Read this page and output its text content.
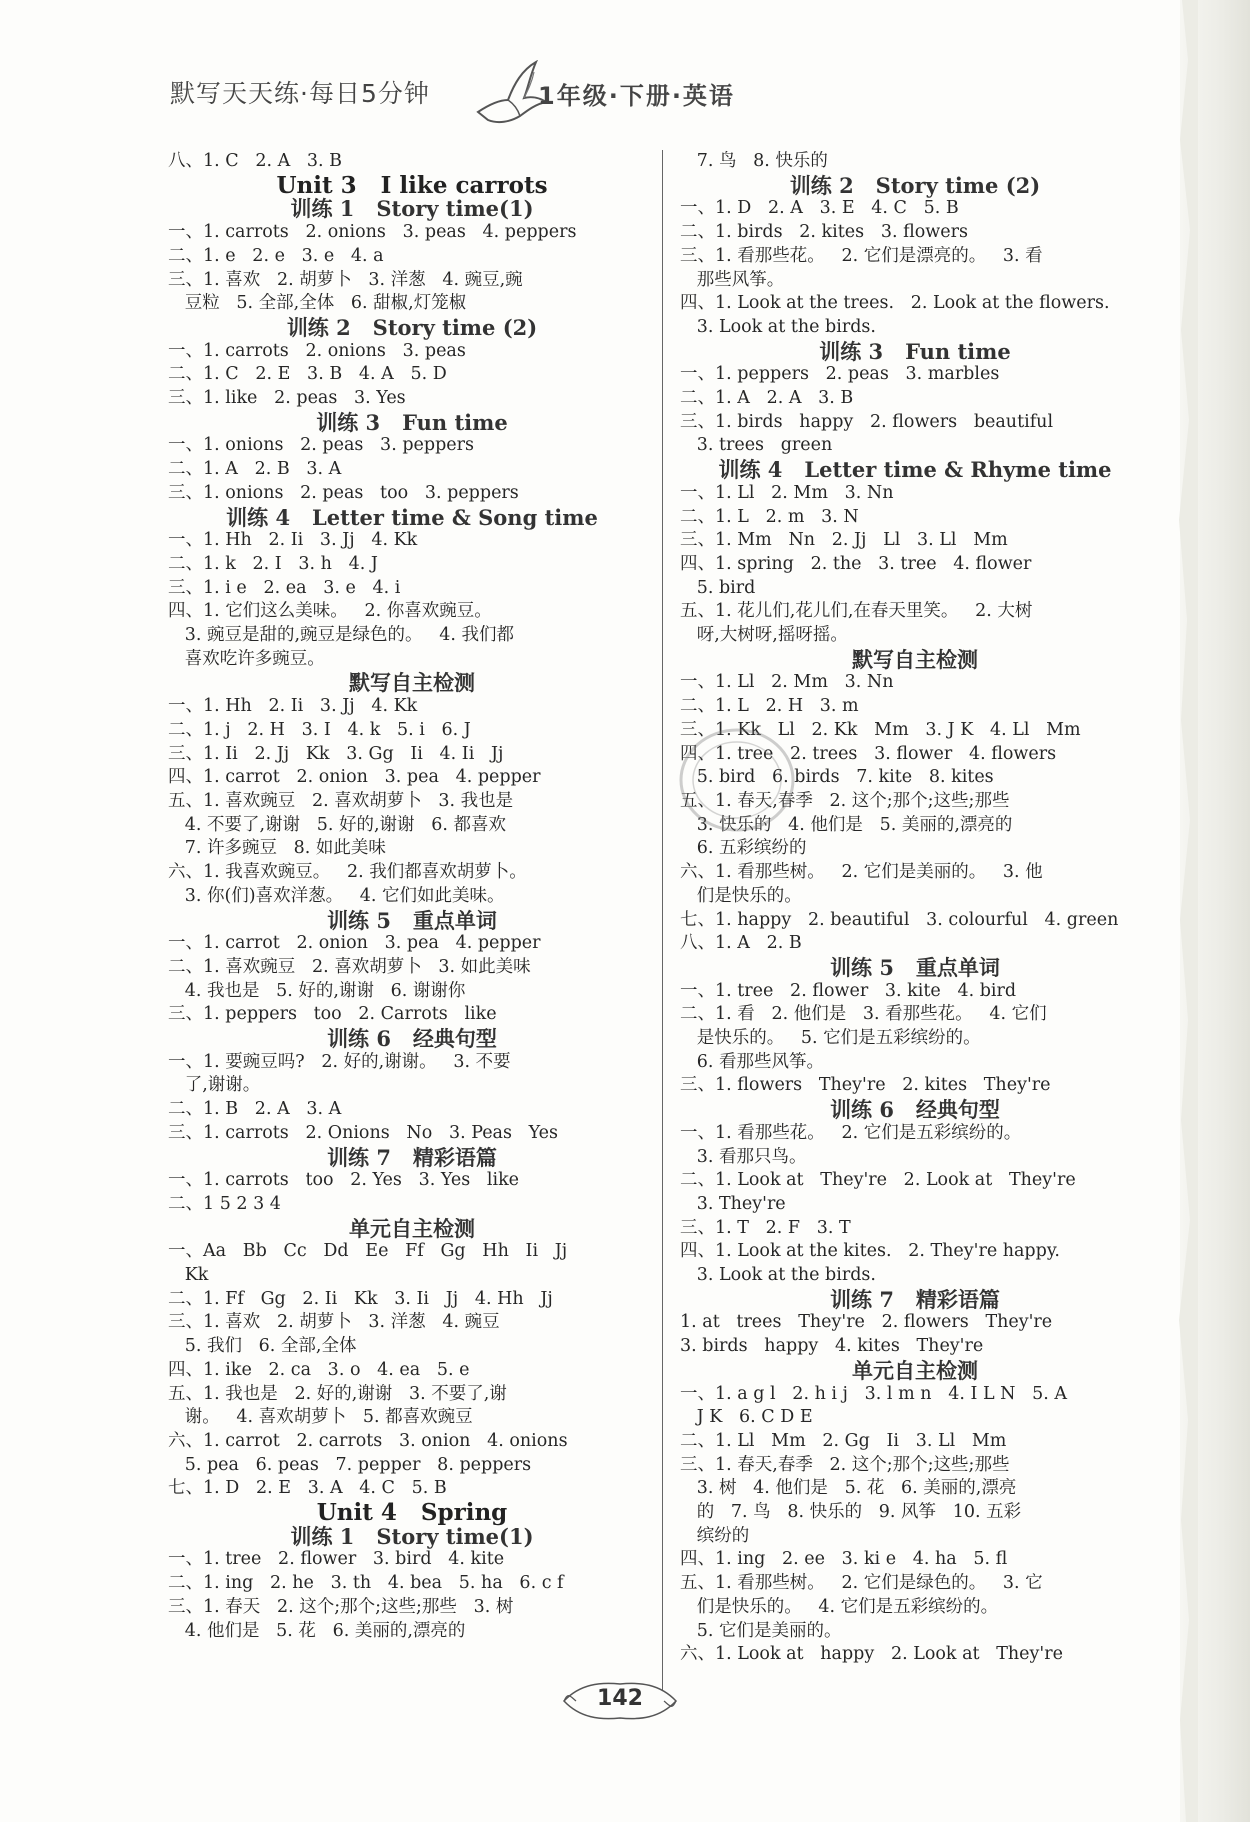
默写天天练·每日5分钟	1年级·下册·英语
八、1. C   2. A   3. B
Unit 3   I like carrots
训练 1   Story time(1)
一、1. carrots   2. onions   3. peas   4. peppers
二、1. e   2. e   3. e   4. a
三、1. 喜欢   2. 胡萝卜   3. 洋葱   4. 豌豆,豌
豆粒   5. 全部,全体   6. 甜椒,灯笼椒
训练 2   Story time (2)
一、1. carrots   2. onions   3. peas
二、1. C   2. E   3. B   4. A   5. D
三、1. like   2. peas   3. Yes
训练 3   Fun time
一、1. onions   2. peas   3. peppers
二、1. A   2. B   3. A
三、1. onions   2. peas   too   3. peppers
训练 4   Letter time & Song time
一、1. Hh   2. Ii   3. Jj   4. Kk
二、1. k   2. I   3. h   4. J
三、1. i e   2. ea   3. e   4. i
四、1. 它们这么美味。   2. 你喜欢豌豆。
3. 豌豆是甜的,豌豆是绿色的。   4. 我们都
喜欢吃许多豌豆。
默写自主检测
一、1. Hh   2. Ii   3. Jj   4. Kk
二、1. j   2. H   3. I   4. k   5. i   6. J
三、1. Ii   2. Jj   Kk   3. Gg   Ii   4. Ii   Jj
四、1. carrot   2. onion   3. pea   4. pepper
五、1. 喜欢豌豆   2. 喜欢胡萝卜   3. 我也是
4. 不要了,谢谢   5. 好的,谢谢   6. 都喜欢
7. 许多豌豆   8. 如此美味
六、1. 我喜欢豌豆。   2. 我们都喜欢胡萝卜。
3. 你(们)喜欢洋葱。   4. 它们如此美味。
训练 5   重点单词
一、1. carrot   2. onion   3. pea   4. pepper
二、1. 喜欢豌豆   2. 喜欢胡萝卜   3. 如此美味
4. 我也是   5. 好的,谢谢   6. 谢谢你
三、1. peppers   too   2. Carrots   like
训练 6   经典句型
一、1. 要豌豆吗?   2. 好的,谢谢。   3. 不要
了,谢谢。
二、1. B   2. A   3. A
三、1. carrots   2. Onions   No   3. Peas   Yes
训练 7   精彩语篇
一、1. carrots   too   2. Yes   3. Yes   like
二、1 5 2 3 4
单元自主检测
一、Aa   Bb   Cc   Dd   Ee   Ff   Gg   Hh   Ii   Jj
Kk
二、1. Ff   Gg   2. Ii   Kk   3. Ii   Jj   4. Hh   Jj
三、1. 喜欢   2. 胡萝卜   3. 洋葱   4. 豌豆
5. 我们   6. 全部,全体
四、1. ike   2. ca   3. o   4. ea   5. e
五、1. 我也是   2. 好的,谢谢   3. 不要了,谢
谢。   4. 喜欢胡萝卜   5. 都喜欢豌豆
六、1. carrot   2. carrots   3. onion   4. onions
5. pea   6. peas   7. pepper   8. peppers
七、1. D   2. E   3. A   4. C   5. B
Unit 4   Spring
训练 1   Story time(1)
一、1. tree   2. flower   3. bird   4. kite
二、1. ing   2. he   3. th   4. bea   5. ha   6. c f
三、1. 春天   2. 这个;那个;这些;那些   3. 树
4. 他们是   5. 花   6. 美丽的,漂亮的
7. 鸟   8. 快乐的
训练 2   Story time (2)
一、1. D   2. A   3. E   4. C   5. B
二、1. birds   2. kites   3. flowers
三、1. 看那些花。   2. 它们是漂亮的。   3. 看
那些风筝。
四、1. Look at the trees.   2. Look at the flowers.
3. Look at the birds.
训练 3   Fun time
一、1. peppers   2. peas   3. marbles
二、1. A   2. A   3. B
三、1. birds   happy   2. flowers   beautiful
3. trees   green
训练 4   Letter time & Rhyme time
一、1. Ll   2. Mm   3. Nn
二、1. L   2. m   3. N
三、1. Mm   Nn   2. Jj   Ll   3. Ll   Mm
四、1. spring   2. the   3. tree   4. flower
5. bird
五、1. 花儿们,花儿们,在春天里笑。   2. 大树
呀,大树呀,摇呀摇。
默写自主检测
一、1. Ll   2. Mm   3. Nn
二、1. L   2. H   3. m
三、1. Kk   Ll   2. Kk   Mm   3. J K   4. Ll   Mm
四、1. tree   2. trees   3. flower   4. flowers
5. bird   6. birds   7. kite   8. kites
五、1. 春天,春季   2. 这个;那个;这些;那些
3. 快乐的   4. 他们是   5. 美丽的,漂亮的
6. 五彩缤纷的
六、1. 看那些树。   2. 它们是美丽的。   3. 他
们是快乐的。
七、1. happy   2. beautiful   3. colourful   4. green
八、1. A   2. B
训练 5   重点单词
一、1. tree   2. flower   3. kite   4. bird
二、1. 看   2. 他们是   3. 看那些花。   4. 它们
是快乐的。   5. 它们是五彩缤纷的。
6. 看那些风筝。
三、1. flowers   They're   2. kites   They're
训练 6   经典句型
一、1. 看那些花。   2. 它们是五彩缤纷的。
3. 看那只鸟。
二、1. Look at   They're   2. Look at   They're
3. They're
三、1. T   2. F   3. T
四、1. Look at the kites.   2. They're happy.
3. Look at the birds.
训练 7   精彩语篇
1. at   trees   They're   2. flowers   They're
3. birds   happy   4. kites   They're
单元自主检测
一、1. a g l   2. h i j   3. l m n   4. I L N   5. A
J K   6. C D E
二、1. Ll   Mm   2. Gg   Ii   3. Ll   Mm
三、1. 春天,春季   2. 这个;那个;这些;那些
3. 树   4. 他们是   5. 花   6. 美丽的,漂亮
的   7. 鸟   8. 快乐的   9. 风筝   10. 五彩
缤纷的
四、1. ing   2. ee   3. ki e   4. ha   5. fl
五、1. 看那些树。   2. 它们是绿色的。   3. 它
们是快乐的。   4. 它们是五彩缤纷的。
5. 它们是美丽的。
六、1. Look at   happy   2. Look at   They're
142
